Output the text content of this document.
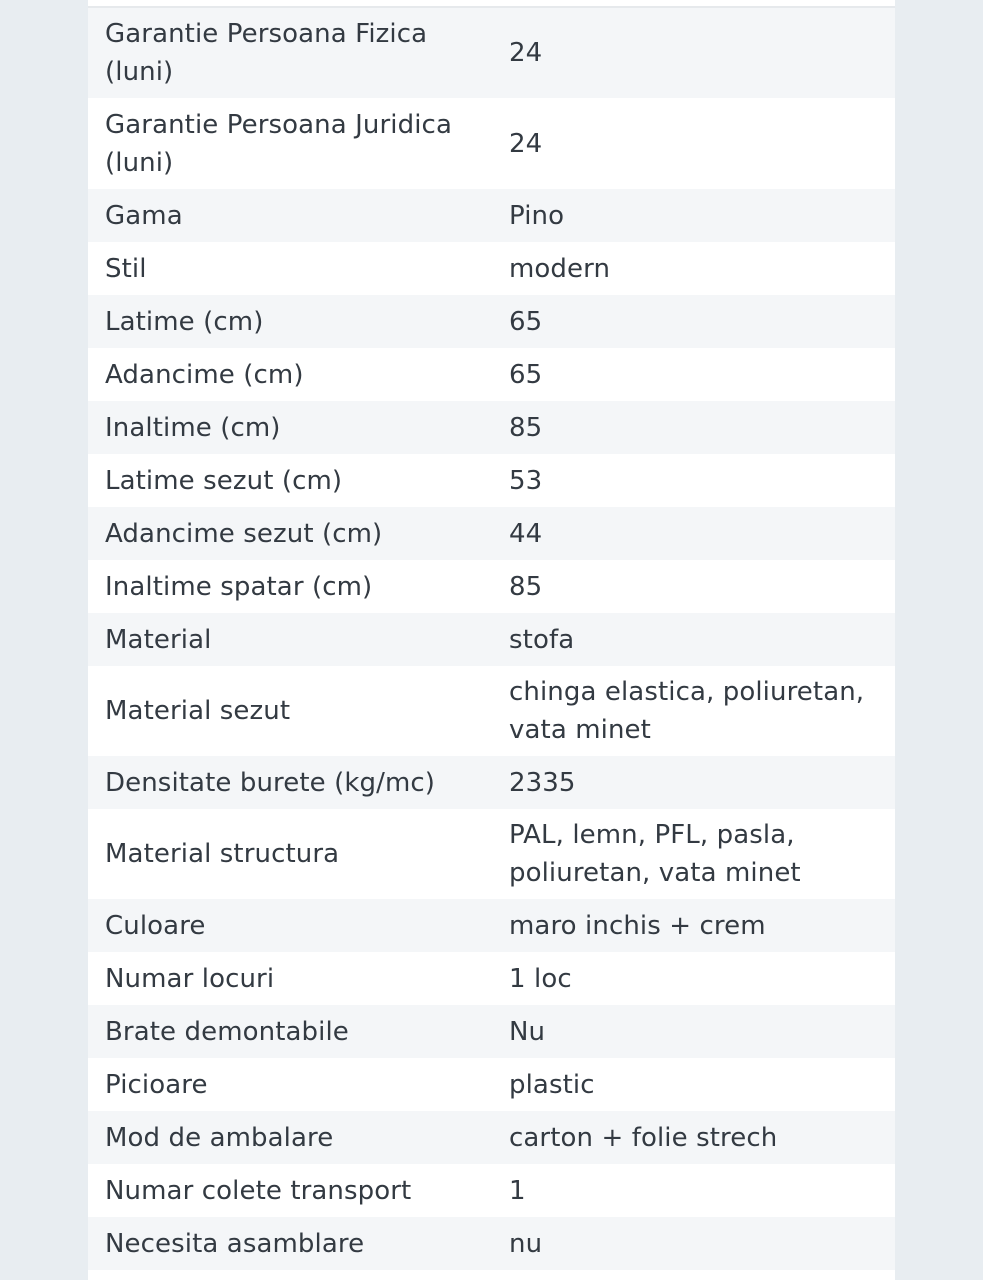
Garantie Persoana Fizica (luni)	24
Garantie Persoana Juridica (luni)	24
Gama	Pino
Stil	modern
Latime (cm)	65
Adancime (cm)	65
Inaltime (cm)	85
Latime sezut (cm)	53
Adancime sezut (cm)	44
Inaltime spatar (cm)	85
Material	stofa
Material sezut	chinga elastica, poliuretan, vata minet
Densitate burete (kg/mc)	2335
Material structura	PAL, lemn, PFL, pasla, poliuretan, vata minet
Culoare	maro inchis + crem
Numar locuri	1 loc
Brate demontabile	Nu
Picioare	plastic
Mod de ambalare	carton + folie strech
Numar colete transport	1
Necesita asamblare	nu
